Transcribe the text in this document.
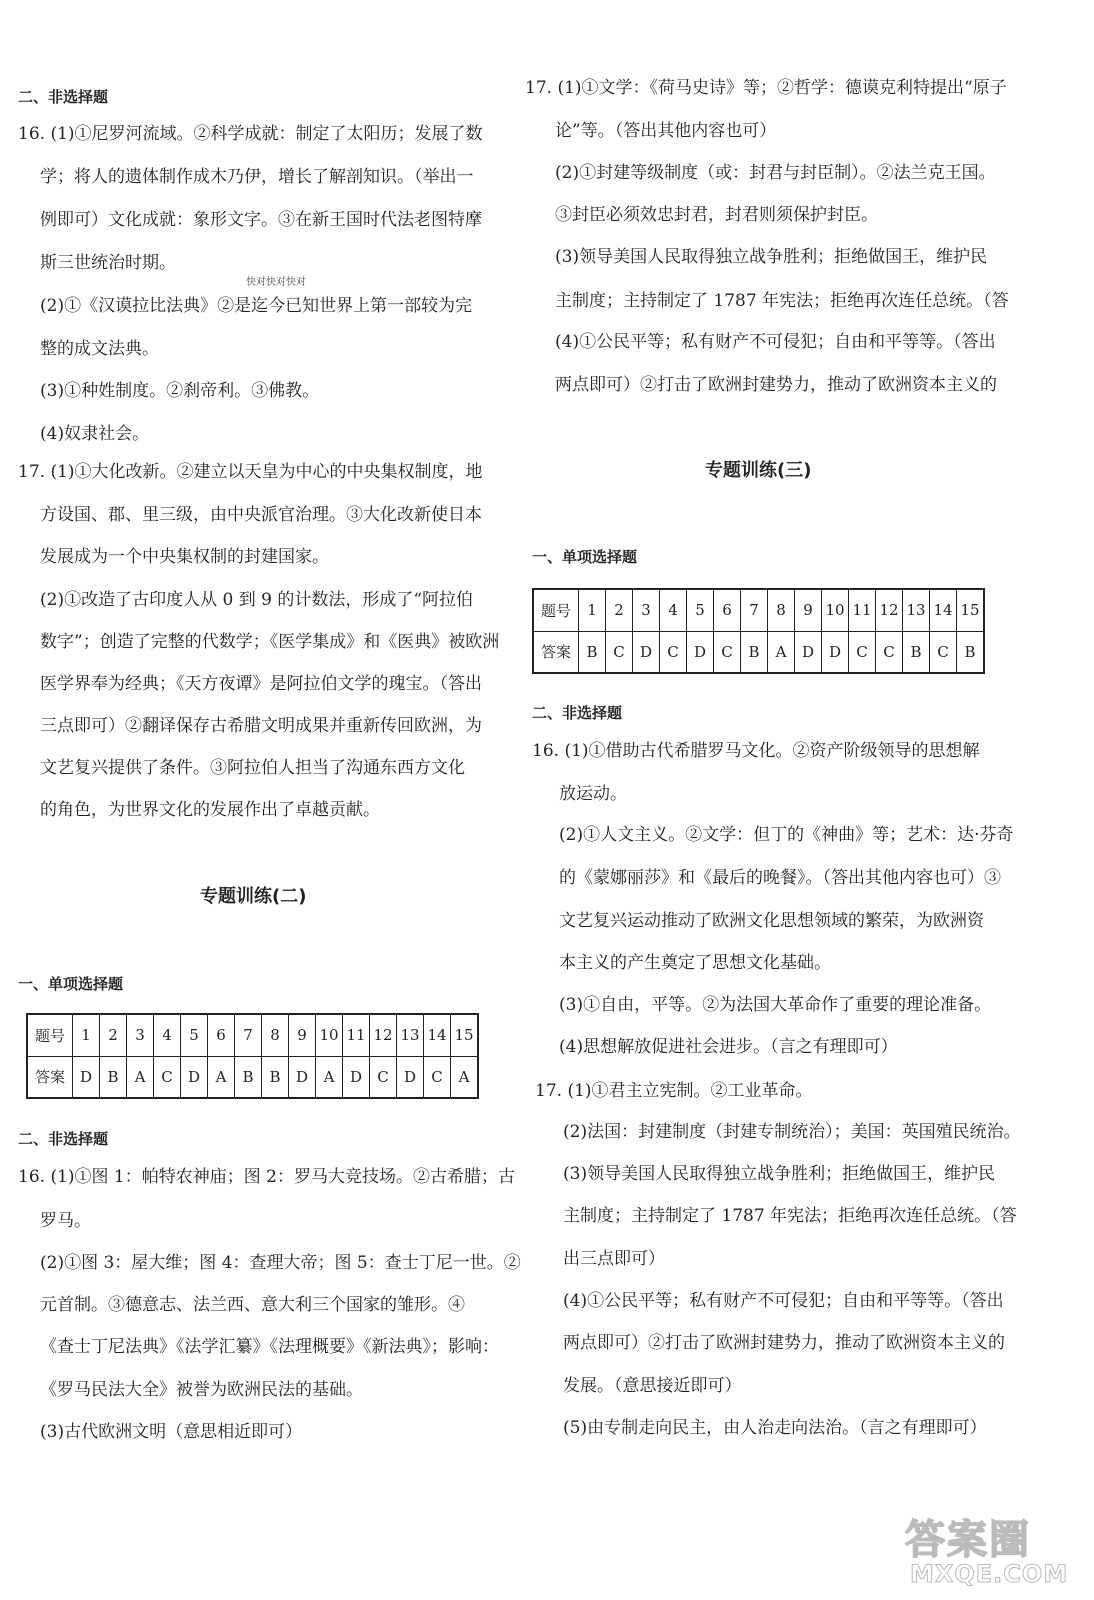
二、非选择题
16. (1)①尼罗河流域。②科学成就：制定了太阳历；发展了数
学；将人的遗体制作成木乃伊，增长了解剖知识。（举出一
例即可）文化成就：象形文字。③在新王国时代法老图特摩
斯三世统治时期。
快对快对快对
(2)①《汉谟拉比法典》②是迄今已知世界上第一部较为完
整的成文法典。
(3)①种姓制度。②刹帝利。③佛教。
(4)奴隶社会。
17. (1)①大化改新。②建立以天皇为中心的中央集权制度，地
方设国、郡、里三级，由中央派官治理。③大化改新使日本
发展成为一个中央集权制的封建国家。
(2)①改造了古印度人从 0 到 9 的计数法，形成了“阿拉伯
数字”；创造了完整的代数学；《医学集成》和《医典》被欧洲
医学界奉为经典；《天方夜谭》是阿拉伯文学的瑰宝。（答出
三点即可）②翻译保存古希腊文明成果并重新传回欧洲，为
文艺复兴提供了条件。③阿拉伯人担当了沟通东西方文化
的角色，为世界文化的发展作出了卓越贡献。
专题训练(二)
一、单项选择题
题号	1	2	3	4	5	6	7	8	9	10	11	12	13	14	15
答案	D	B	A	C	D	A	B	B	D	A	D	C	D	C	A
二、非选择题
16. (1)①图 1：帕特农神庙；图 2：罗马大竞技场。②古希腊；古
罗马。
(2)①图 3：屋大维；图 4：查理大帝；图 5：查士丁尼一世。②
元首制。③德意志、法兰西、意大利三个国家的雏形。④
《查士丁尼法典》《法学汇纂》《法理概要》《新法典》；影响：
《罗马民法大全》被誉为欧洲民法的基础。
(3)古代欧洲文明（意思相近即可）
17. (1)①文学：《荷马史诗》等；②哲学：德谟克利特提出“原子
论”等。（答出其他内容也可）
(2)①封建等级制度（或：封君与封臣制）。②法兰克王国。
③封臣必须效忠封君，封君则须保护封臣。
(3)领导美国人民取得独立战争胜利；拒绝做国王，维护民
主制度；主持制定了 1787 年宪法；拒绝再次连任总统。（答
(4)①公民平等；私有财产不可侵犯；自由和平等等。（答出
两点即可）②打击了欧洲封建势力，推动了欧洲资本主义的
专题训练(三)
一、单项选择题
题号	1	2	3	4	5	6	7	8	9	10	11	12	13	14	15
答案	B	C	D	C	D	C	B	A	D	D	C	C	B	C	B
二、非选择题
16. (1)①借助古代希腊罗马文化。②资产阶级领导的思想解
放运动。
(2)①人文主义。②文学：但丁的《神曲》等；艺术：达·芬奇
的《蒙娜丽莎》和《最后的晚餐》。（答出其他内容也可）③
文艺复兴运动推动了欧洲文化思想领域的繁荣，为欧洲资
本主义的产生奠定了思想文化基础。
(3)①自由，平等。②为法国大革命作了重要的理论准备。
(4)思想解放促进社会进步。（言之有理即可）
17. (1)①君主立宪制。②工业革命。
(2)法国：封建制度（封建专制统治）；美国：英国殖民统治。
(3)领导美国人民取得独立战争胜利；拒绝做国王，维护民
主制度；主持制定了 1787 年宪法；拒绝再次连任总统。（答
出三点即可）
(4)①公民平等；私有财产不可侵犯；自由和平等等。（答出
两点即可）②打击了欧洲封建势力，推动了欧洲资本主义的
发展。（意思接近即可）
(5)由专制走向民主，由人治走向法治。（言之有理即可）
答案圈
MXQE.COM
